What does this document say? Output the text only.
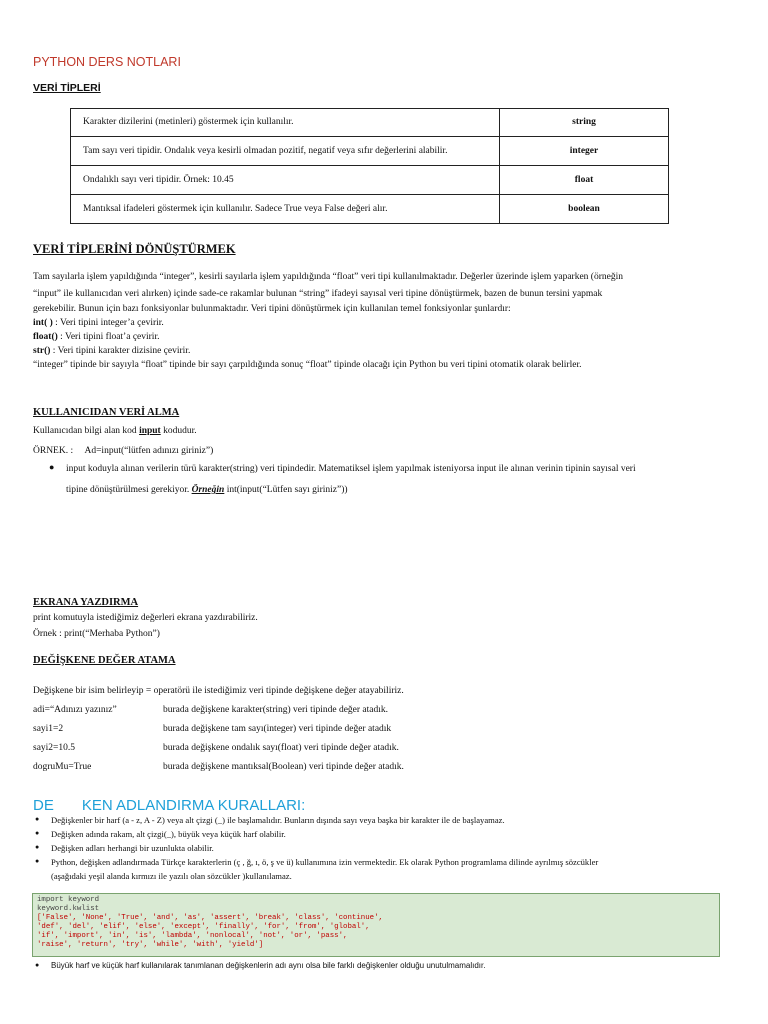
PYTHON DERS NOTLARI
VERİ TİPLERİ
Karakter dizilerini (metinleri) göstermek için kullanılır.	string
Tam sayı veri tipidir. Ondalık veya kesirli olmadan pozitif, negatif veya sıfır değerlerini alabilir.	integer
Ondalıklı sayı veri tipidir. Örnek: 10.45	float
Mantıksal ifadeleri göstermek için kullanılır. Sadece True veya False değeri alır.	boolean
VERİ TİPLERİNİ DÖNÜŞTÜRMEK
Tam sayılarla işlem yapıldığında “integer”, kesirli sayılarla işlem yapıldığında “float” veri tipi kullanılmaktadır. Değerler üzerinde işlem yaparken (örneğin
“input” ile kullanıcıdan veri alırken) içinde sade-ce rakamlar bulunan “string” ifadeyi sayısal veri tipine dönüştürmek, bazen de bunun tersini yapmak
gerekebilir. Bunun için bazı fonksiyonlar bulunmaktadır. Veri tipini dönüştürmek için kullanılan temel fonksiyonlar şunlardır:
int( ) : Veri tipini integer’a çevirir.
float() : Veri tipini float’a çevirir.
str() : Veri tipini karakter dizisine çevirir.
“integer” tipinde bir sayıyla “float” tipinde bir sayı çarpıldığında sonuç “float” tipinde olacağı için Python bu veri tipini otomatik olarak belirler.
KULLANICIDAN VERİ ALMA
Kullanıcıdan bilgi alan kod input kodudur.
ÖRNEK. :     Ad=input(“lütfen adınızı giriniz”)
● input koduyla alınan verilerin türü karakter(string) veri tipindedir. Matematiksel işlem yapılmak isteniyorsa input ile alınan verinin tipinin sayısal veri
tipine dönüştürülmesi gerekiyor. Örneğin int(input(“Lütfen sayı giriniz”))
EKRANA YAZDIRMA
print komutuyla istediğimiz değerleri ekrana yazdırabiliriz.
Örnek : print(“Merhaba Python”)
DEĞİŞKENE DEĞER ATAMA
Değişkene bir isim belirleyip = operatörü ile istediğimiz veri tipinde değişkene değer atayabiliriz.
adi=“Adınızı yazınız”	burada değişkene karakter(string) veri tipinde değer atadık.
sayi1=2	burada değişkene tam sayı(integer) veri tipinde değer atadık
sayi2=10.5	burada değişkene ondalık sayı(float) veri tipinde değer atadık.
dogruMu=True	burada değişkene mantıksal(Boolean) veri tipinde değer atadık.
DE KEN ADLANDIRMA KURALLARI:
● Değişkenler bir harf (a - z, A - Z) veya alt çizgi (_) ile başlamalıdır. Bunların dışında sayı veya başka bir karakter ile de başlayamaz.
● Değişken adında rakam, alt çizgi(_), büyük veya küçük harf olabilir.
● Değişken adları herhangi bir uzunlukta olabilir.
● Python, değişken adlandırmada Türkçe karakterlerin (ç , ğ, ı, ö, ş ve ü) kullanımına izin vermektedir. Ek olarak Python programlama dilinde ayrılmış sözcükler
(aşağıdaki yeşil alanda kırmızı ile yazılı olan sözcükler )kullanılamaz.
import keyword
keyword.kwlist
['False', 'None', 'True', 'and', 'as', 'assert', 'break', 'class', 'continue',
'def', 'del', 'elif', 'else', 'except', 'finally', 'for', 'from', 'global',
'if', 'import', 'in', 'is', 'lambda', 'nonlocal', 'not', 'or', 'pass',
'raise', 'return', 'try', 'while', 'with', 'yield']
● Büyük harf ve küçük harf kullanılarak tanımlanan değişkenlerin adı aynı olsa bile farklı değişkenler olduğu unutulmamalıdır.
